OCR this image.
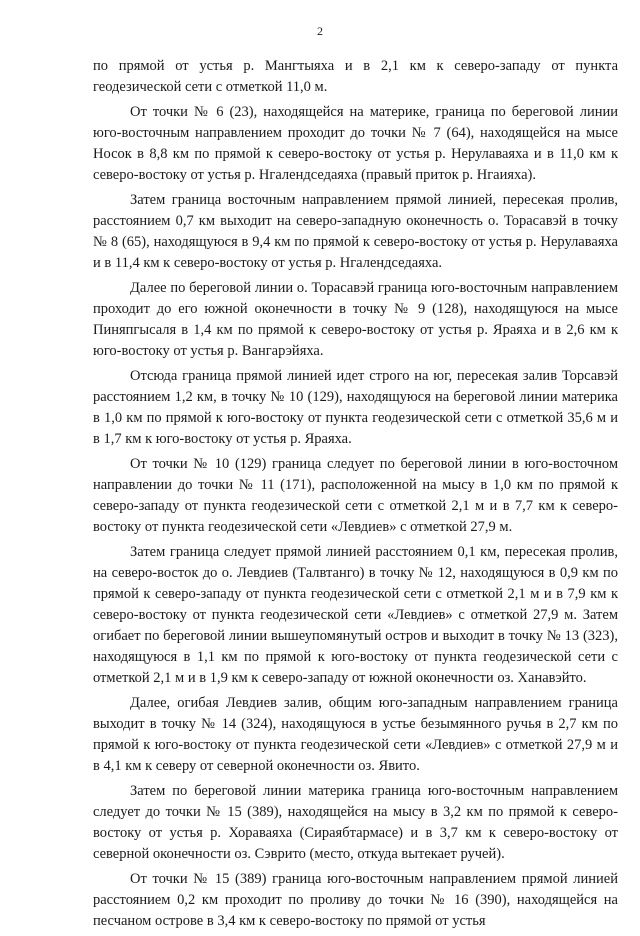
2

по прямой от устья р. Мангтыяха и в 2,1 км к северо-западу от пункта геодезической сети с отметкой 11,0 м.

От точки № 6 (23), находящейся на материке, граница по береговой линии юго-восточным направлением проходит до точки № 7 (64), находящейся на мысе Носок в 8,8 км по прямой к северо-востоку от устья р. Нерулаваяха и в 11,0 км к северо-востоку от устья р. Нгалендседаяха (правый приток р. Нгаияха).

Затем граница восточным направлением прямой линией, пересекая пролив, расстоянием 0,7 км выходит на северо-западную оконечность о. Торасавэй в точку № 8 (65), находящуюся в 9,4 км по прямой к северо-востоку от устья р. Нерулаваяха и в 11,4 км к северо-востоку от устья р. Нгалендседаяха.

Далее по береговой линии о. Торасавэй граница юго-восточным направлением проходит до его южной оконечности в точку № 9 (128), находящуюся на мысе Пиняпгысаля в 1,4 км по прямой к северо-востоку от устья р. Яраяха и в 2,6 км к юго-востоку от устья р. Вангарэйяха.

Отсюда граница прямой линией идет строго на юг, пересекая залив Торсавэй расстоянием 1,2 км, в точку № 10 (129), находящуюся на береговой линии материка в 1,0 км по прямой к юго-востоку от пункта геодезической сети с отметкой 35,6 м и в 1,7 км к юго-востоку от устья р. Яраяха.

От точки № 10 (129) граница следует по береговой линии в юго-восточном направлении до точки № 11 (171), расположенной на мысу в 1,0 км по прямой к северо-западу от пункта геодезической сети с отметкой 2,1 м и в 7,7 км к северо-востоку от пункта геодезической сети «Левдиев» с отметкой 27,9 м.

Затем граница следует прямой линией расстоянием 0,1 км, пересекая пролив, на северо-восток до о. Левдиев (Талвтанго) в точку № 12, находящуюся в 0,9 км по прямой к северо-западу от пункта геодезической сети с отметкой 2,1 м и в 7,9 км к северо-востоку от пункта геодезической сети «Левдиев» с отметкой 27,9 м. Затем огибает по береговой линии вышеупомянутый остров и выходит в точку № 13 (323), находящуюся в 1,1 км по прямой к юго-востоку от пункта геодезической сети с отметкой 2,1 м и в 1,9 км к северо-западу от южной оконечности оз. Ханавэйто.

Далее, огибая Левдиев залив, общим юго-западным направлением граница выходит в точку № 14 (324), находящуюся в устье безымянного ручья в 2,7 км по прямой к юго-востоку от пункта геодезической сети «Левдиев» с отметкой 27,9 м и в 4,1 км к северу от северной оконечности оз. Явито.

Затем по береговой линии материка граница юго-восточным направлением следует до точки № 15 (389), находящейся на мысу в 3,2 км по прямой к северо-востоку от устья р. Хораваяха (Сираябтармасе) и в 3,7 км к северо-востоку от северной оконечности оз. Сэврито (место, откуда вытекает ручей).

От точки № 15 (389) граница юго-восточным направлением прямой линией расстоянием 0,2 км проходит по проливу до точки № 16 (390), находящейся на песчаном острове в 3,4 км к северо-востоку по прямой от устья
